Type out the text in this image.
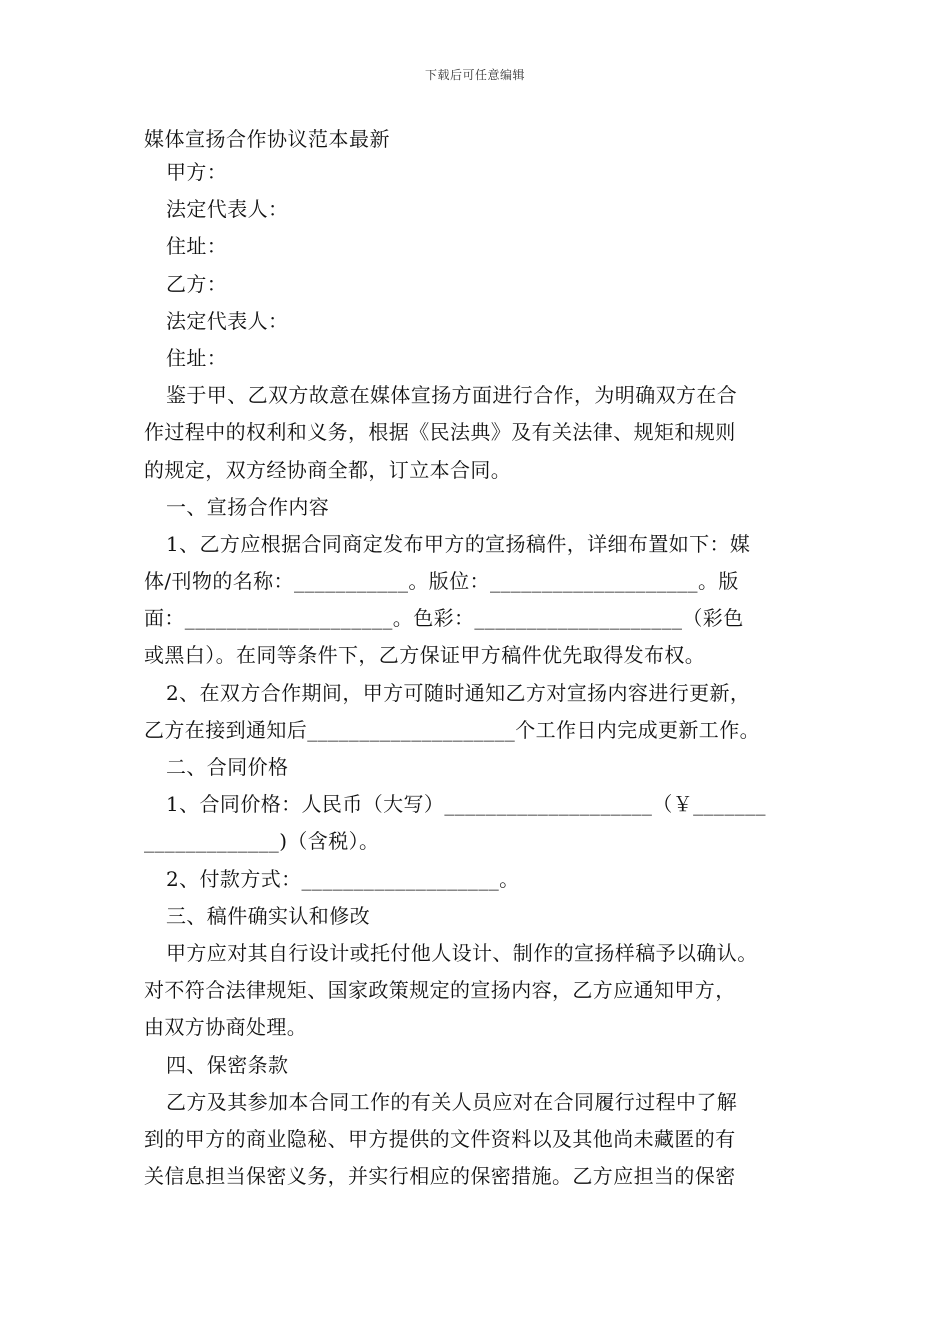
下载后可任意编辑
媒体宣扬合作协议范本最新
甲方：
法定代表人：
住址：
乙方：
法定代表人：
住址：
鉴于甲、乙双方故意在媒体宣扬方面进行合作，为明确双方在合
作过程中的权利和义务，根据《民法典》及有关法律、规矩和规则
的规定，双方经协商全都，订立本合同。
一、宣扬合作内容
1、乙方应根据合同商定发布甲方的宣扬稿件，详细布置如下：媒
体/刊物的名称：___________。版位：____________________。版
面：____________________。色彩：____________________（彩色
或黑白）。在同等条件下，乙方保证甲方稿件优先取得发布权。
2、在双方合作期间，甲方可随时通知乙方对宣扬内容进行更新，
乙方在接到通知后____________________个工作日内完成更新工作。
二、合同价格
1、合同价格：人民币（大写）____________________（￥_______
_____________)（含税）。
2、付款方式：___________________。
三、稿件确实认和修改
甲方应对其自行设计或托付他人设计、制作的宣扬样稿予以确认。
对不符合法律规矩、国家政策规定的宣扬内容，乙方应通知甲方，
由双方协商处理。
四、保密条款
乙方及其参加本合同工作的有关人员应对在合同履行过程中了解
到的甲方的商业隐秘、甲方提供的文件资料以及其他尚未藏匿的有
关信息担当保密义务，并实行相应的保密措施。乙方应担当的保密
